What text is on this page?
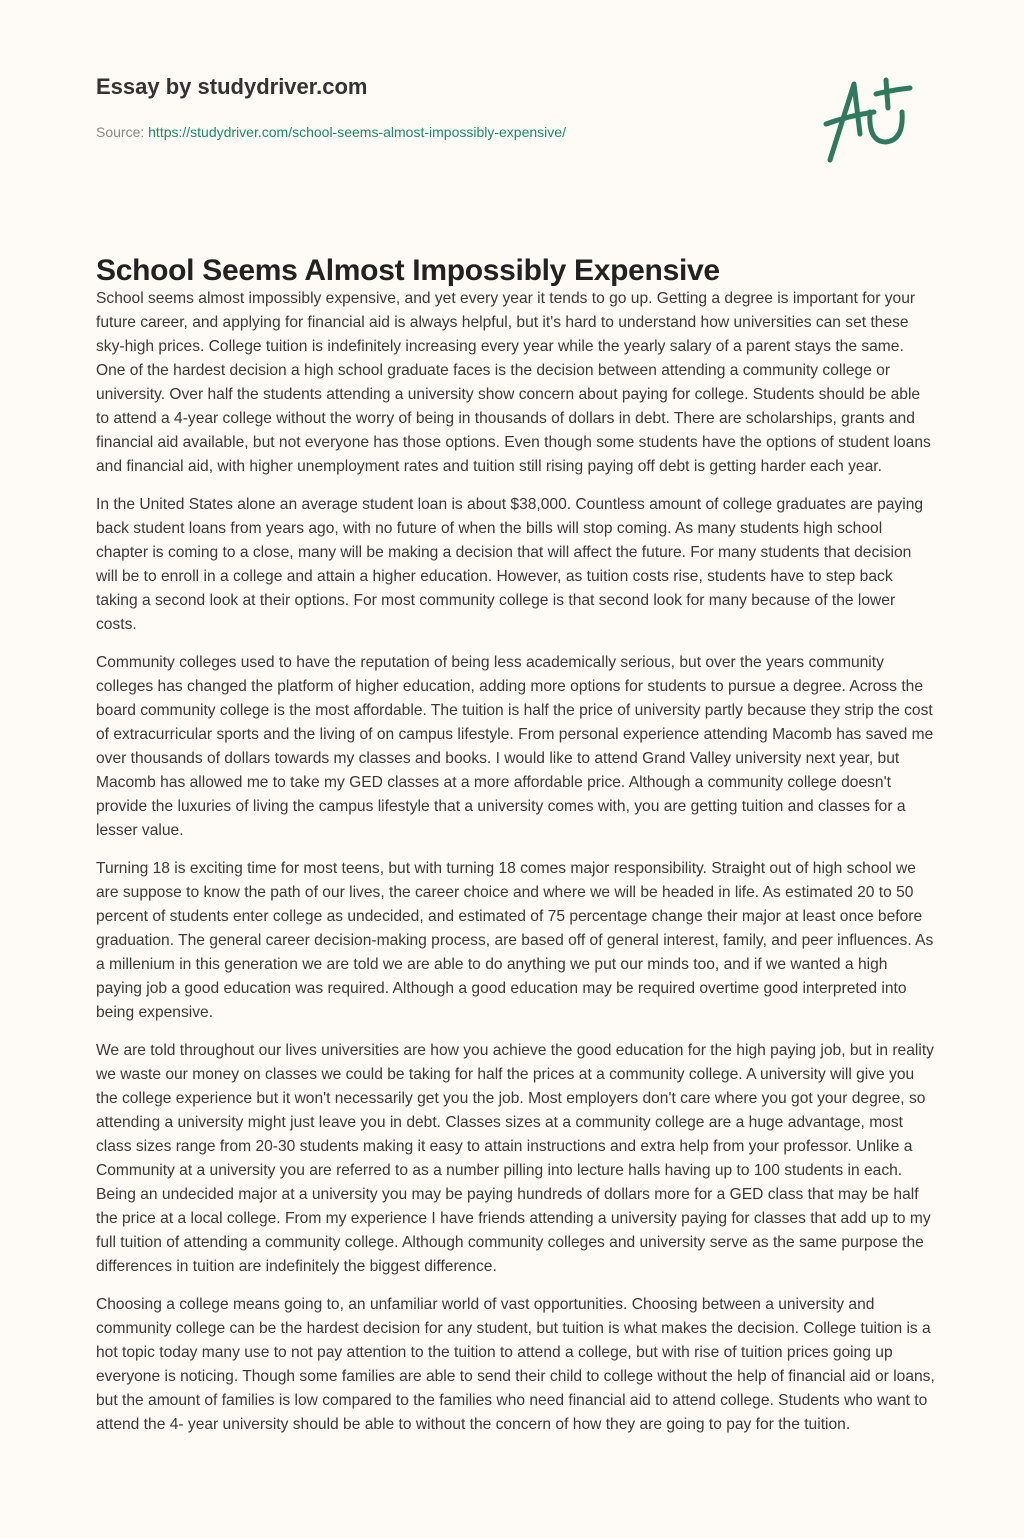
Essay by studydriver.com
Source: https://studydriver.com/school-seems-almost-impossibly-expensive/
School Seems Almost Impossibly Expensive

School seems almost impossibly expensive, and yet every year it tends to go up. Getting a degree is important for your future career, and applying for financial aid is always helpful, but it's hard to understand how universities can set these sky-high prices. College tuition is indefinitely increasing every year while the yearly salary of a parent stays the same. One of the hardest decision a high school graduate faces is the decision between attending a community college or university. Over half the students attending a university show concern about paying for college. Students should be able to attend a 4-year college without the worry of being in thousands of dollars in debt. There are scholarships, grants and financial aid available, but not everyone has those options. Even though some students have the options of student loans and financial aid, with higher unemployment rates and tuition still rising paying off debt is getting harder each year.

In the United States alone an average student loan is about $38,000. Countless amount of college graduates are paying back student loans from years ago, with no future of when the bills will stop coming. As many students high school chapter is coming to a close, many will be making a decision that will affect the future. For many students that decision will be to enroll in a college and attain a higher education. However, as tuition costs rise, students have to step back taking a second look at their options. For most community college is that second look for many because of the lower costs.

Community colleges used to have the reputation of being less academically serious, but over the years community colleges has changed the platform of higher education, adding more options for students to pursue a degree. Across the board community college is the most affordable. The tuition is half the price of university partly because they strip the cost of extracurricular sports and the living of on campus lifestyle. From personal experience attending Macomb has saved me over thousands of dollars towards my classes and books. I would like to attend Grand Valley university next year, but Macomb has allowed me to take my GED classes at a more affordable price. Although a community college doesn't provide the luxuries of living the campus lifestyle that a university comes with, you are getting tuition and classes for a lesser value.

Turning 18 is exciting time for most teens, but with turning 18 comes major responsibility. Straight out of high school we are suppose to know the path of our lives, the career choice and where we will be headed in life. As estimated 20 to 50 percent of students enter college as undecided, and estimated of 75 percentage change their major at least once before graduation. The general career decision-making process, are based off of general interest, family, and peer influences. As a millenium in this generation we are told we are able to do anything we put our minds too, and if we wanted a high paying job a good education was required. Although a good education may be required overtime good interpreted into being expensive.

We are told throughout our lives universities are how you achieve the good education for the high paying job, but in reality we waste our money on classes we could be taking for half the prices at a community college. A university will give you the college experience but it won't necessarily get you the job. Most employers don't care where you got your degree, so attending a university might just leave you in debt. Classes sizes at a community college are a huge advantage, most class sizes range from 20-30 students making it easy to attain instructions and extra help from your professor. Unlike a Community at a university you are referred to as a number pilling into lecture halls having up to 100 students in each. Being an undecided major at a university you may be paying hundreds of dollars more for a GED class that may be half the price at a local college. From my experience I have friends attending a university paying for classes that add up to my full tuition of attending a community college. Although community colleges and university serve as the same purpose the differences in tuition are indefinitely the biggest difference.

Choosing a college means going to, an unfamiliar world of vast opportunities. Choosing between a university and community college can be the hardest decision for any student, but tuition is what makes the decision. College tuition is a hot topic today many use to not pay attention to the tuition to attend a college, but with rise of tuition prices going up everyone is noticing. Though some families are able to send their child to college without the help of financial aid or loans, but the amount of families is low compared to the families who need financial aid to attend college. Students who want to attend the 4- year university should be able to without the concern of how they are going to pay for the tuition.
